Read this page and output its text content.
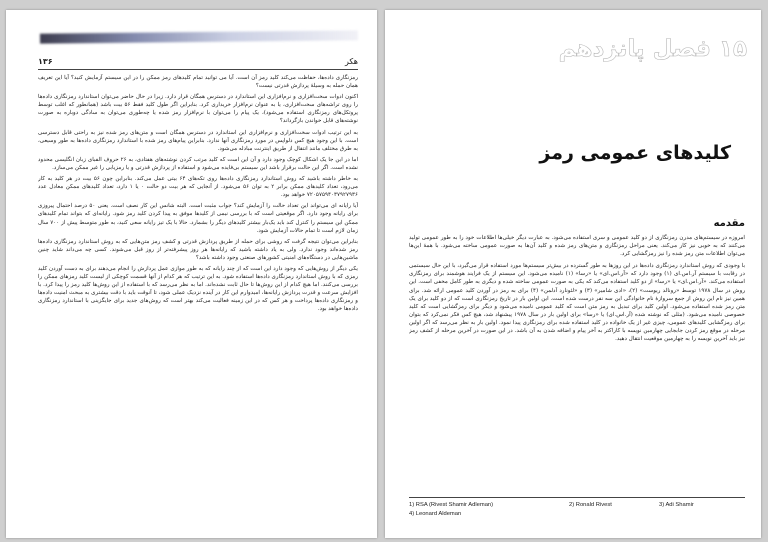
۱۳۶	هکر

رمزنگاری داده‌ها، حفاظت می‌کند کلید رمز آن است. آیا می توانید تمام کلیدهای رمز ممکن را در این سیستم آزمایش کنید؟ آیا این تعریف همان حمله به وسیلهٔ پردازش قدرتی نیست؟

اکنون ادوات سخت‌افزاری و نرم‌افزاری این استاندارد در دسترس همگان قرار دارد. زیرا در حال حاضر می‌توان استاندارد رمزنگاری داده‌ها را روی تراشه‌های سخت‌افزاری، یا به عنوان نرم‌افزار خریداری کرد. بنابراین اگر طول کلید فقط ۵۶ بیت باشد (همانطور که اغلب توسط پروتکل‌های رمزنگاری استفاده می‌شود)، یک پیام را می‌توان با نرم‌افزار رمز شده یا چه‌طوری می‌توان به سادگی دوباره به صورت نوشته‌های قابل خواندن بازگرداند؟

به این ترتیب ادوات سخت‌افزاری و نرم‌افزاری این استاندارد در دسترس همگان است و متن‌های رمز شده نیز به راحتی قابل دسترسی است. با این وجود هیچ کس دلواپس در مورد رمزنگاری آنها ندارد. بنابراین پیام‌های رمز شده با استاندارد رمزنگاری داده‌ها به طور وسیعی، به طرق مختلف مانند انتقال از طریق اینترنت مبادله می‌شود.

اما در این جا یک اشکال کوچک وجود دارد و آن این است که کلید مرتب کردن نوشته‌های هفتادی، به ۲۶ حروف الفبای زبان انگلیسی محدود نشده است. اگر این حالت برقرار باشد این سیستم بی‌فایده می‌شود و استفاده از پردازش قدرتی و یا رمزیابی را غیر ممکن می‌سازد.

به خاطر داشته باشید که روش استاندارد رمزنگاری داده‌ها روی تکه‌های ۶۴ بیتی عمل می‌کند. بنابراین چون ۵۶ بیت در هر کلید به کار می‌رود، تعداد کلیدهای ممکن برابر ۲ به توان ۵۶ می‌شود. از آنجایی که هر بیت دو حالت ۰ یا ۱ دارد، تعداد کلیدهای ممکن معادل عدد ۷۲۰۵۷۵۹۴۰۳۷۹۲۷۹۳۶ خواهد بود.

آیا رایانه ای می‌تواند این تعداد حالت را آزمایش کند؟ جواب مثبت است. البته شانس این کار نصف است. یعنی ۵۰ درصد احتمال پیروزی برای رایانه وجود دارد. اگر موقعیتی است که با بررسی نیمی از کلیدها موفق به پیدا کردن کلید رمز شود. رایانه‌ای که بتواند تمام کلیدهای ممکن این سیستم را کنترل کند باید یک‌بار بیشتر کلیدهای دیگر را بشمارد. حالا با یک تیز رایانه سعی کنید، به طور متوسط پیش از ۷۰۰ سال زمان لازم است تا تمام حالات آزمایش شود.

بنابراین می‌توان نتیجه گرفت که روشی برای حمله از طریق پردازش قدرتی و کشف رمز متن‌هایی که به روش استاندارد رمزنگاری داده‌ها رمز شده‌اند وجود ندارد. ولی به یاد داشته باشید که رایانه‌ها هر روز پیشرفته‌تر از روز قبل می‌شوند. کسی چه می‌داند شاید چنین ماشین‌هایی در دستگاه‌های امنیتی کشورهای صنعتی وجود داشته باشد؟

یکی دیگر از روش‌هایی که وجود دارد این است که از چند رایانه که به طور موازی عمل پردازش را انجام می‌دهند برای به دست آوردن کلید رمزی که با روش استاندارد رمزنگاری داده‌ها استفاده شود. به این ترتیب که هر کدام از آنها قسمت کوچکی از لیست کلید رمزهای ممکن را بررسی می‌کنند. اما هیچ کدام از این روش‌ها تا حال ثابت نشده‌اند. اما به نظر می‌رسد که با استفاده از این روش‌ها کلید رمز را پیدا کرد. با افزایش سرعت و قدرت پردازش رایانه‌ها، امیدوارم این کار در آینده نزدیک عملی شود، تا آنوقت باید با دقت بیشتری به مبحث امنیت داده‌ها و رمزنگاری داده‌ها پرداخت و هر کس که در این زمینه فعالیت می‌کند بهتر است که روش‌های جدید برای جایگزینی با استاندارد رمزنگاری داده‌ها خواهد بود.

۱۵ فصل پانزدهم
کلیدهای عمومی رمز
مقدمه

امروزه در سیستم‌های مدرن رمزنگاری از دو کلید عمومی و سری استفاده می‌شود. به عبارت دیگر خیلی‌ها اطلاعات خود را به طور عمومی تولید می‌کنند که به خوبی نیز کار می‌کند. یعنی مراحل رمزنگاری و متن‌های رمز شده و کلید آن‌ها به صورت عمومی ساخته می‌شود. با همهٔ این‌ها می‌توان اطلاعات متن رمز شده را نیز رمزگشایی کرد.

با وجودی که روش استاندارد رمزنگاری داده‌ها در این روزها به طور گسترده در بیش‌تر سیستم‌ها مورد استفاده قرار می‌گیرد، با این حال سیستمی در رقابت با سیستم آر.اس.ای (۱) وجود دارد که «آر.اس.ای» یا «رسا» (۱) نامیده می‌شود. این سیستم از یک فرایند هوشمند برای رمزنگاری استفاده می‌کند. «آر.اس.ای» یا «رسا» از دو کلید استفاده می‌کند که یکی به صورت عمومی ساخته شده و دیگری به طور کامل مخفی است. این روش در سال ۱۹۷۸ توسط «رونالد ریوست» (۲)، «ادی شامیر» (۳) و «لئونارد آدلمن» (۴) برای به رمز در آوردن کلید عمومی ارائه شد. برای همین نیز نام این روش از جمع سروازهٔ نام خانوادگی این سه نفر درست شده است. این اولین بار در تاریخ رمزنگاری است که از دو کلید برای یک متن رمز شده استفاده می‌شود. اولین کلید برای تبدیل به رمز متن است که کلید عمومی نامیده می‌شود و دیگر برای رمزگشایی است که کلید خصوصی نامیده می‌شود. (مثلی که نوشته شده (آر.اس.ای) یا «رسا» برای اولین بار در سال ۱۹۷۸ پیشنهاد شد، هیچ کس فکر نمی‌کرد که بتوان برای رمزگشایی کلیدهای عمومی، چیزی غیر از یک خانواده در کلید استفاده شده برای رمزنگاری پیدا نمود. اولین بار به نظر می‌رسد که اگر اولین مرحله در موقع رمز کردن جابجایی چهارمین نویسه با کاراکتر به آخر پیام و اضافه شدن به آن باشد. در این صورت در آخرین مرحله از کشف رمز نیز باید آخرین نویسه را به چهارمین موقعیت انتقال دهید.

1) RSA (Rivest Shamir Adleman)	2) Ronald Rivest	3) Adi Shamir
4) Leonard Aldeman
